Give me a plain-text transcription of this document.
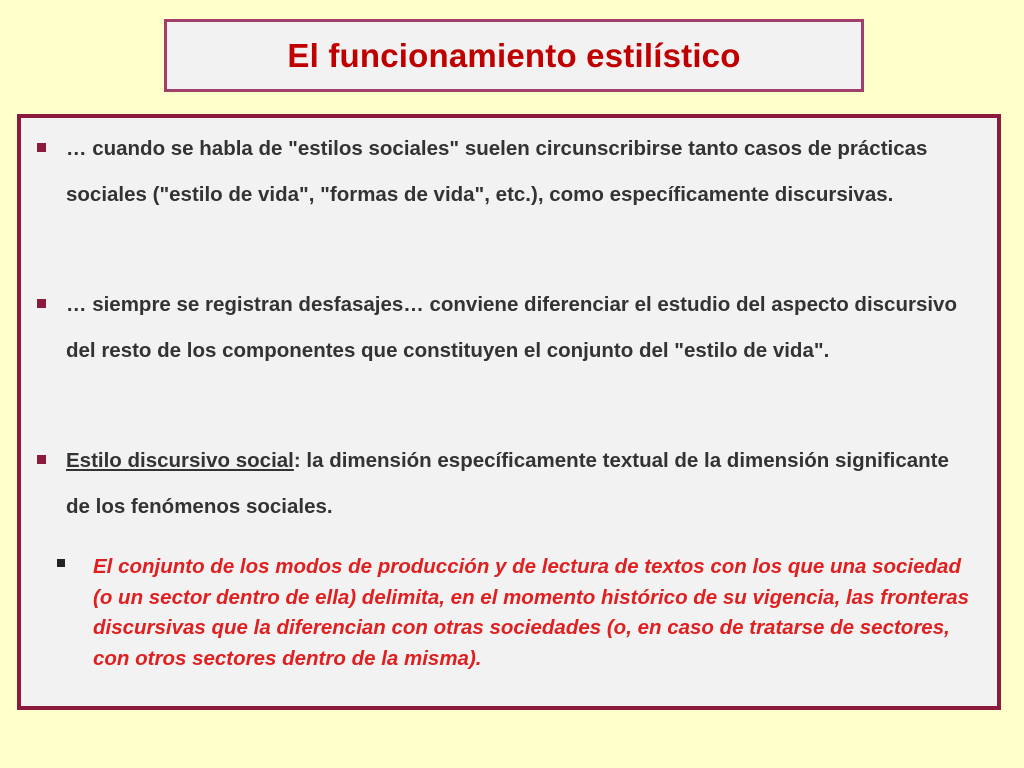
El funcionamiento estilístico
… cuando se habla de "estilos sociales" suelen circunscribirse tanto casos de prácticas sociales ("estilo de vida", "formas de vida", etc.), como específicamente discursivas.
… siempre se registran desfasajes… conviene diferenciar el estudio del aspecto discursivo del resto de los componentes que constituyen el conjunto del "estilo de vida".
Estilo discursivo social: la dimensión específicamente textual de la dimensión significante de los fenómenos sociales.
El conjunto de los modos de producción y de lectura de textos con los que una sociedad (o un sector dentro de ella) delimita, en el momento histórico de su vigencia, las fronteras discursivas que la diferencian con otras sociedades (o, en caso de tratarse de sectores, con otros sectores dentro de la misma).
